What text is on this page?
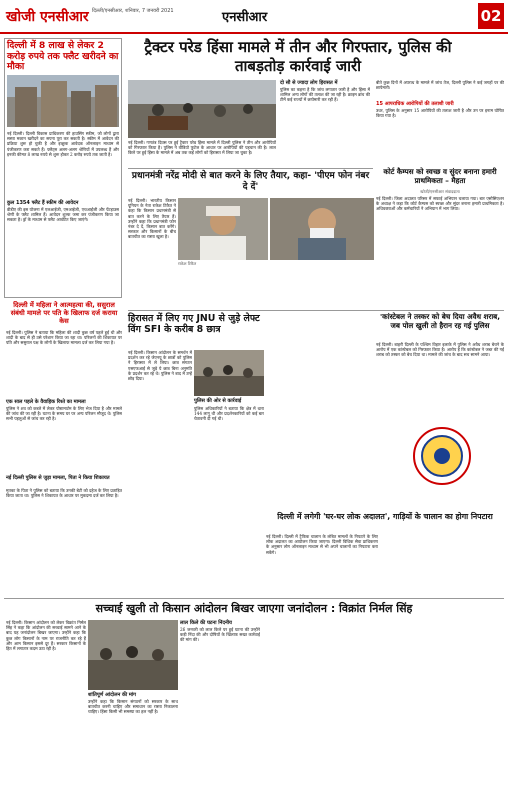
खोजी एनसीआर दिल्ली/एनसीआर, शनिवार, 7 जनवरी 2021	एनसीआर	02
दिल्ली में 8 लाख से लेकर 2 करोड़ रुपये तक फ्लैट खरीदने का मौका
नई दिल्ली। दिल्ली विकास प्राधिकरण की हाउसिंग स्कीम, जो लोगों द्वारा सस्ता मकान खरीदने का सपना पूरा कर सकती है। स्कीम में आवेदन की प्रक्रिया शुरू हो चुकी है और इच्छुक आवेदक ऑनलाइन माध्यम से पंजीकरण करा सकते हैं। फ्लैट्स अलग-अलग श्रेणियों में उपलब्ध हैं और इनकी कीमत 8 लाख रुपये से शुरू होकर 2 करोड़ रुपये तक जाती है।
कुल 1354 फ्लैट हैं स्कीम की आवेदन
डीडीए की इस योजना में एलआईजी, एमआईजी, एचआईजी और पेंटहाउस श्रेणी के फ्लैट शामिल हैं। आवेदन शुल्क जमा कर पंजीकरण किया जा सकता है। ड्रॉ के माध्यम से फ्लैट आवंटित किए जाएंगे।
दिल्ली में महिला ने आत्महत्या की, ससुराल संबंधी मामले पर पति के खिलाफ दर्ज कराया केस
नई दिल्ली। पुलिस ने बताया कि महिला की शादी कुछ वर्ष पहले हुई थी और शादी के बाद से ही उसे परेशान किया जा रहा था। परिजनों की शिकायत पर पति और ससुराल पक्ष के लोगों के खिलाफ मामला दर्ज कर लिया गया है।
एक साल पहले के वैवाहिक रिश्ते का मामला
पुलिस ने शव को कब्जे में लेकर पोस्टमार्टम के लिए भेज दिया है और मामले की जांच की जा रही है। घटना के समय घर पर अन्य परिजन मौजूद थे। पुलिस सभी पहलुओं से जांच कर रही है।
नई दिल्ली पुलिस से जुड़ा मामला, पिता ने किया शिकायत
मृतका के पिता ने पुलिस को बताया कि उनकी बेटी को दहेज के लिए प्रताड़ित किया जाता था। पुलिस ने शिकायत के आधार पर मुकदमा दर्ज कर लिया है।
ट्रैक्टर परेड हिंसा मामले में तीन और गिरफ्तार, पुलिस की ताबड़तोड़ कार्रवाई जारी
नई दिल्ली। गणतंत्र दिवस पर हुई ट्रैक्टर परेड हिंसा मामले में दिल्ली पुलिस ने तीन और आरोपियों को गिरफ्तार किया है। पुलिस ने वीडियो फुटेज के आधार पर आरोपियों की पहचान की है। लाल किले पर हुई हिंसा के मामले में अब तक कई लोगों को हिरासत में लिया जा चुका है।
दो सौ से ज्यादा लोग हिरासत में
पुलिस का कहना है कि जांच लगातार जारी है और हिंसा में शामिल अन्य लोगों की तलाश की जा रही है। क्राइम ब्रांच की टीमें कई राज्यों में छापेमारी कर रही हैं।
बीते कुछ दिनों में अपराध के मामले में जांच तेज, दिल्ली पुलिस ने कई जगहों पर की छापेमारी।
15 आपराधिक आरोपियों की तलाशी जारी
उधर, पुलिस के अनुसार 15 आरोपियों की तलाश जारी है और उन पर इनाम घोषित किया गया है।
प्रधानमंत्री नरेंद्र मोदी से बात करने के लिए तैयार, कहा- 'पीएम फोन नंबर दे दें'
नई दिल्ली। भारतीय किसान यूनियन के नेता राकेश टिकैत ने कहा कि किसान प्रधानमंत्री से बात करने के लिए तैयार हैं। उन्होंने कहा कि प्रधानमंत्री फोन नंबर दे दें, किसान बात करेंगे। सरकार और किसानों के बीच बातचीत का रास्ता खुला है।
राकेश टिकैत
कोर्ट कैम्पस को स्वच्छ व सुंदर बनाना हमारी प्राथमिकता – मैहता
खोजी/एनसीआर संवाददाता
नई दिल्ली। जिला अदालत परिसर में सफाई अभियान चलाया गया। बार एसोसिएशन के अध्यक्ष ने कहा कि कोर्ट कैम्पस को स्वच्छ और सुंदर बनाना हमारी प्राथमिकता है। अधिवक्ताओं और कर्मचारियों ने अभियान में भाग लिया।
हिरासत में लिए गए JNU से जुड़े लेफ्ट विंग SFI के करीब 8 छात्र
नई दिल्ली। किसान आंदोलन के समर्थन में प्रदर्शन कर रहे जेएनयू के छात्रों को पुलिस ने हिरासत में ले लिया। छात्र संगठन एसएफआई से जुड़े ये छात्र बिना अनुमति के प्रदर्शन कर रहे थे। पुलिस ने बाद में उन्हें छोड़ दिया।
पुलिस की ओर से कार्रवाई
पुलिस अधिकारियों ने बताया कि क्षेत्र में धारा 144 लागू थी और प्रदर्शनकारियों को कई बार चेतावनी दी गई थी।
'कांस्टेबल ने तस्कर को बेच दिया अवैध शराब, जब पोल खुली तो हैरान रह गई पुलिस
नई दिल्ली। बाहरी दिल्ली के पश्चिम विहार इलाके में पुलिस ने अवैध शराब बेचने के आरोप में एक कांस्टेबल को गिरफ्तार किया है। आरोप है कि कांस्टेबल ने जब्त की गई शराब को तस्कर को बेच दिया था। मामले की जांच के बाद सच सामने आया।
दिल्ली में लगेगी 'घर-घर लोक अदालत', गाड़ियों के चालान का होगा निपटारा
नई दिल्ली। दिल्ली में ट्रैफिक चालान के लंबित मामलों के निपटारे के लिए लोक अदालत का आयोजन किया जाएगा। दिल्ली विधिक सेवा प्राधिकरण के अनुसार लोग ऑनलाइन माध्यम से भी अपने चालानों का निपटारा करा सकेंगे।
सच्चाई खुली तो किसान आंदोलन बिखर जाएगा जनांदोलन : विक्रांत निर्मल सिंह
नई दिल्ली। किसान आंदोलन को लेकर विक्रांत निर्मल सिंह ने कहा कि आंदोलन की सच्चाई सामने आने के बाद यह जनांदोलन बिखर जाएगा। उन्होंने कहा कि कुछ लोग किसानों के नाम पर राजनीति कर रहे हैं और आम किसान इससे दूर हैं। सरकार किसानों के हित में लगातार कदम उठा रही है।
शांतिपूर्ण आंदोलन की मांग
उन्होंने कहा कि किसान संगठनों को सरकार के साथ बातचीत करनी चाहिए और समाधान का रास्ता निकालना चाहिए। हिंसा किसी भी समस्या का हल नहीं है।
लाल किले की घटना निंदनीय
26 जनवरी को लाल किले पर हुई घटना की उन्होंने कड़ी निंदा की और दोषियों के खिलाफ सख्त कार्रवाई की मांग की।
